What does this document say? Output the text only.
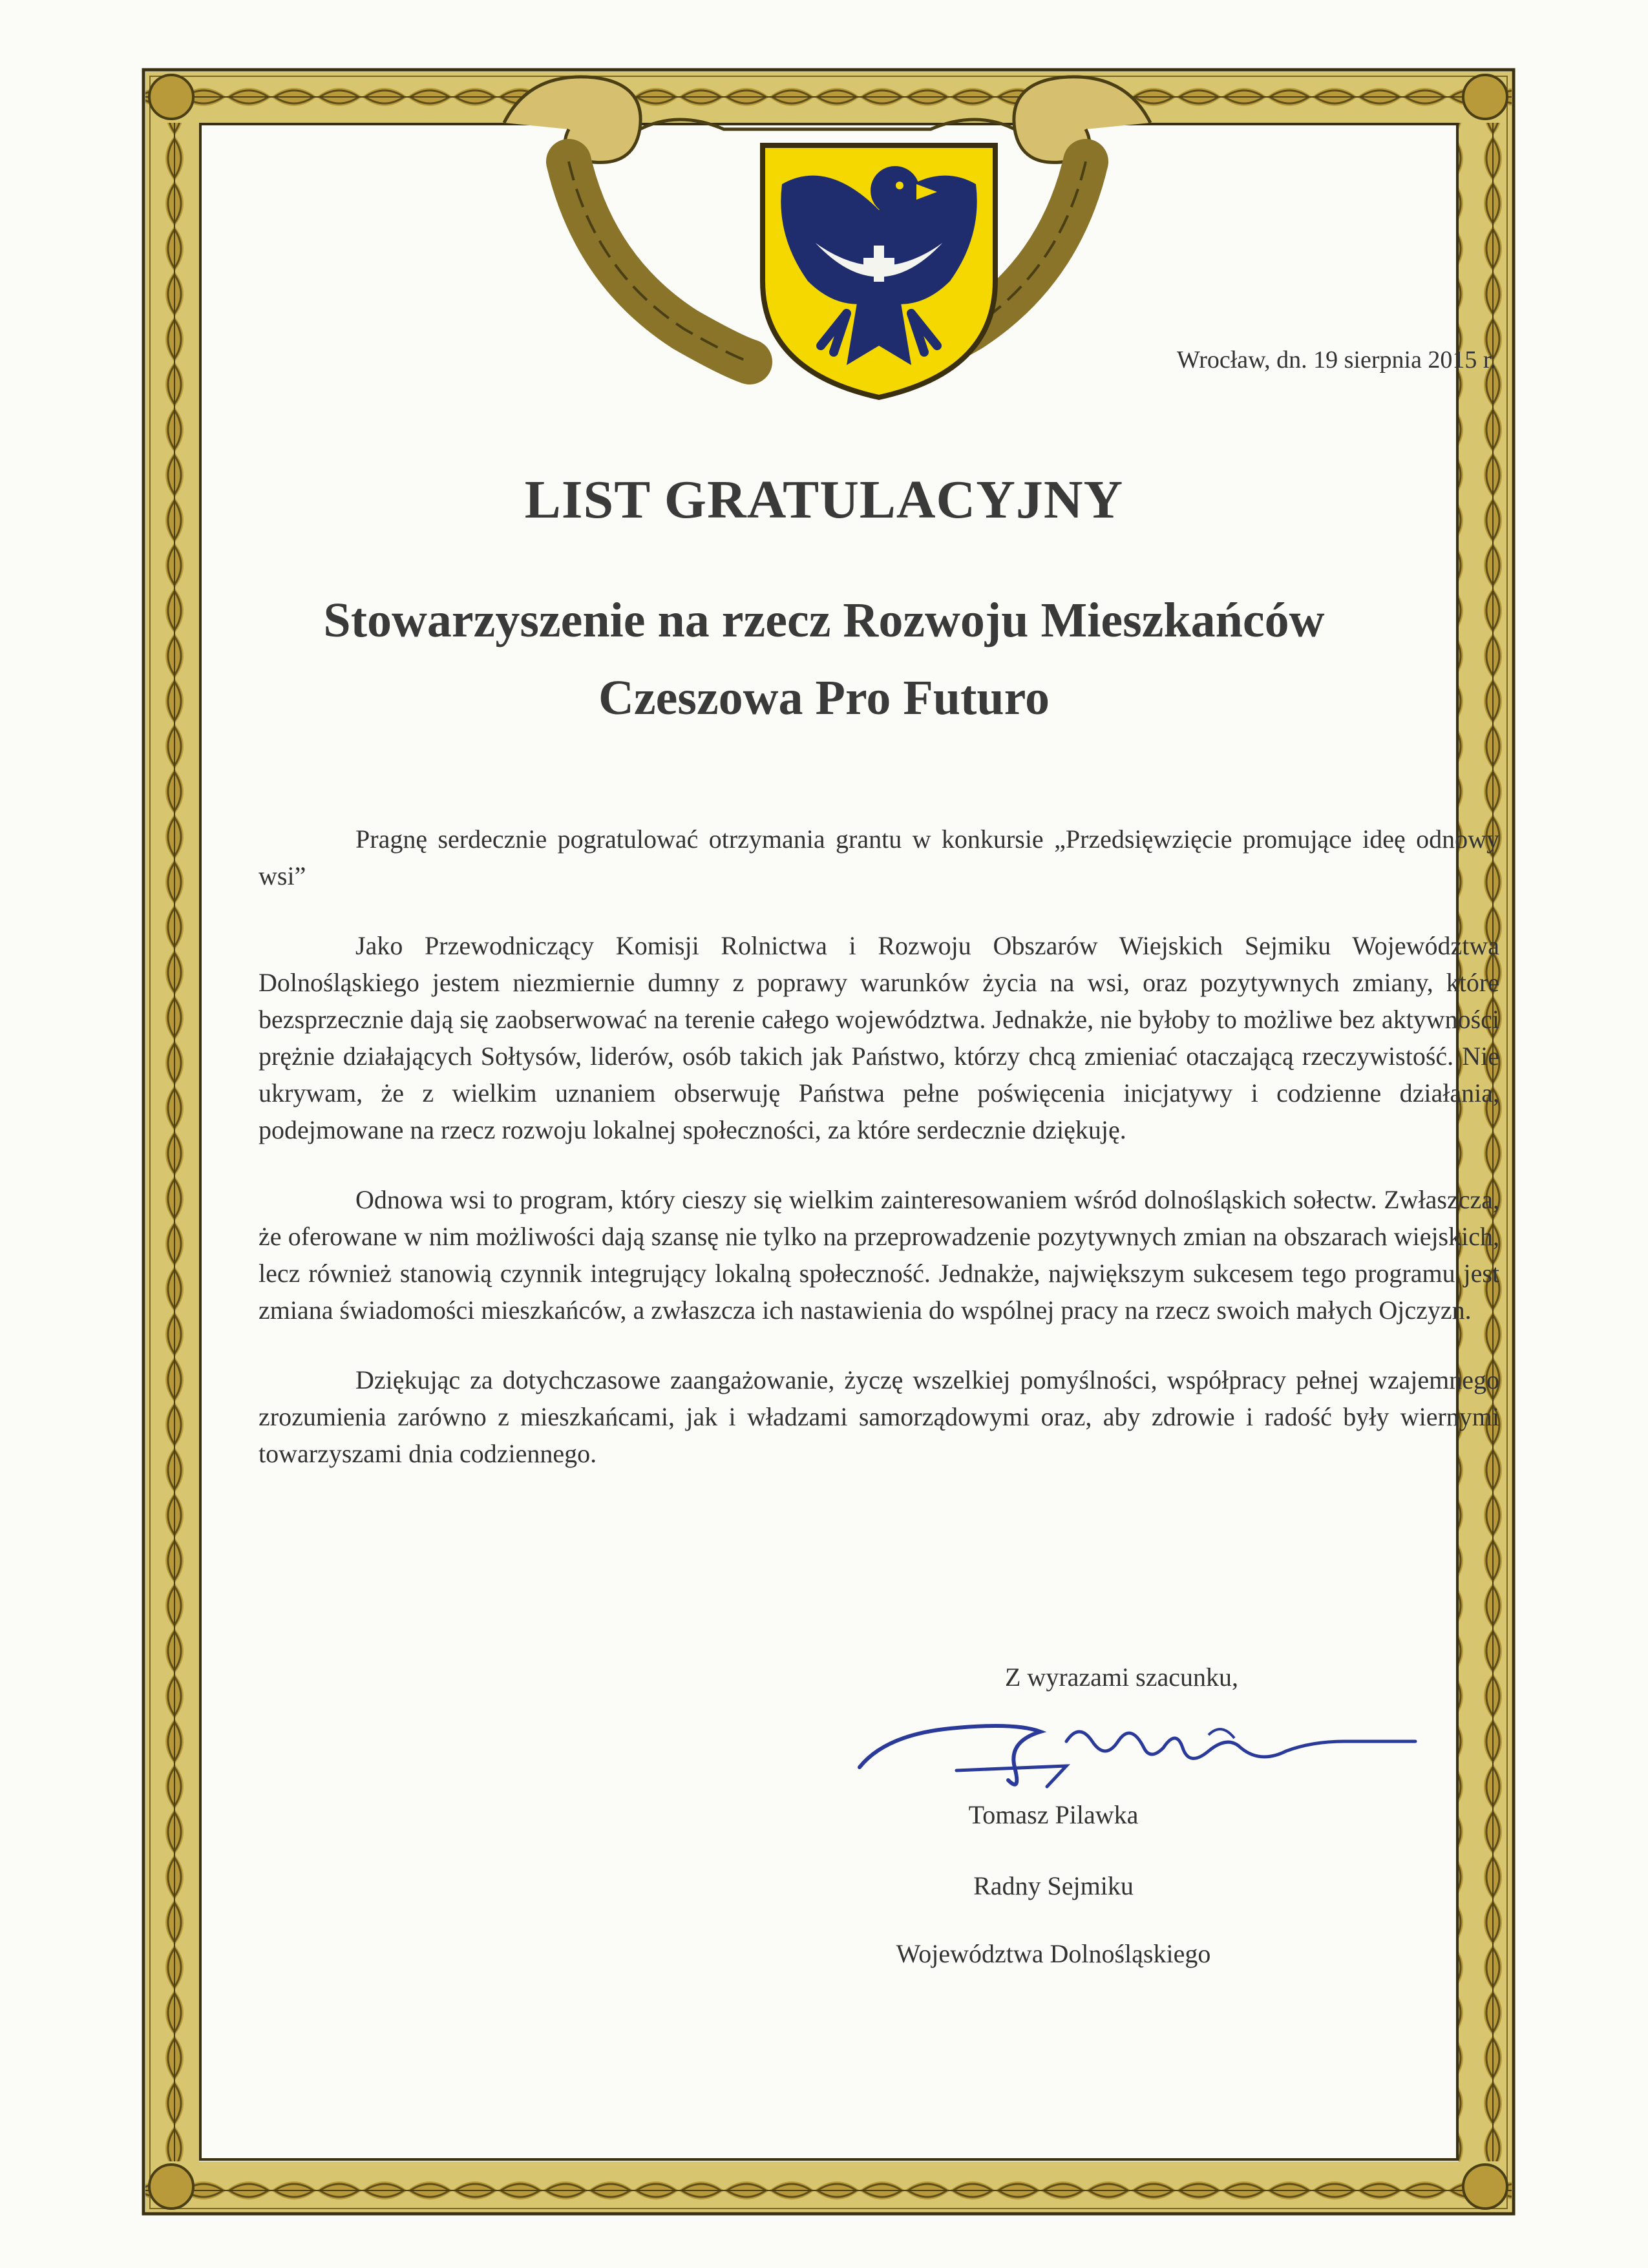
Wrocław, dn. 19 sierpnia 2015 r.
LIST GRATULACYJNY
Stowarzyszenie na rzecz Rozwoju Mieszkańców
Czeszowa Pro Futuro

Pragnę serdecznie pogratulować otrzymania grantu w konkursie „Przedsięwzięcie promujące ideę odnowy wsi”

Jako Przewodniczący Komisji Rolnictwa i Rozwoju Obszarów Wiejskich Sejmiku Województwa Dolnośląskiego jestem niezmiernie dumny z poprawy warunków życia na wsi, oraz pozytywnych zmiany, które bezsprzecznie dają się zaobserwować na terenie całego województwa. Jednakże, nie byłoby to możliwe bez aktywności prężnie działających Sołtysów, liderów, osób takich jak Państwo, którzy chcą zmieniać otaczającą rzeczywistość. Nie ukrywam, że z wielkim uznaniem obserwuję Państwa pełne poświęcenia inicjatywy i codzienne działania, podejmowane na rzecz rozwoju lokalnej społeczności, za które serdecznie dziękuję.

Odnowa wsi to program, który cieszy się wielkim zainteresowaniem wśród dolnośląskich sołectw. Zwłaszcza, że oferowane w nim możliwości dają szansę nie tylko na przeprowadzenie pozytywnych zmian na obszarach wiejskich, lecz również stanowią czynnik integrujący lokalną społeczność. Jednakże, największym sukcesem tego programu jest zmiana świadomości mieszkańców, a zwłaszcza ich nastawienia do wspólnej pracy na rzecz swoich małych Ojczyzn.

Dziękując za dotychczasowe zaangażowanie, życzę wszelkiej pomyślności, współpracy pełnej wzajemnego zrozumienia zarówno z mieszkańcami, jak i władzami samorządowymi oraz, aby zdrowie i radość były wiernymi towarzyszami dnia codziennego.

Z wyrazami szacunku,
Tomasz Pilawka
Radny Sejmiku
Województwa Dolnośląskiego
